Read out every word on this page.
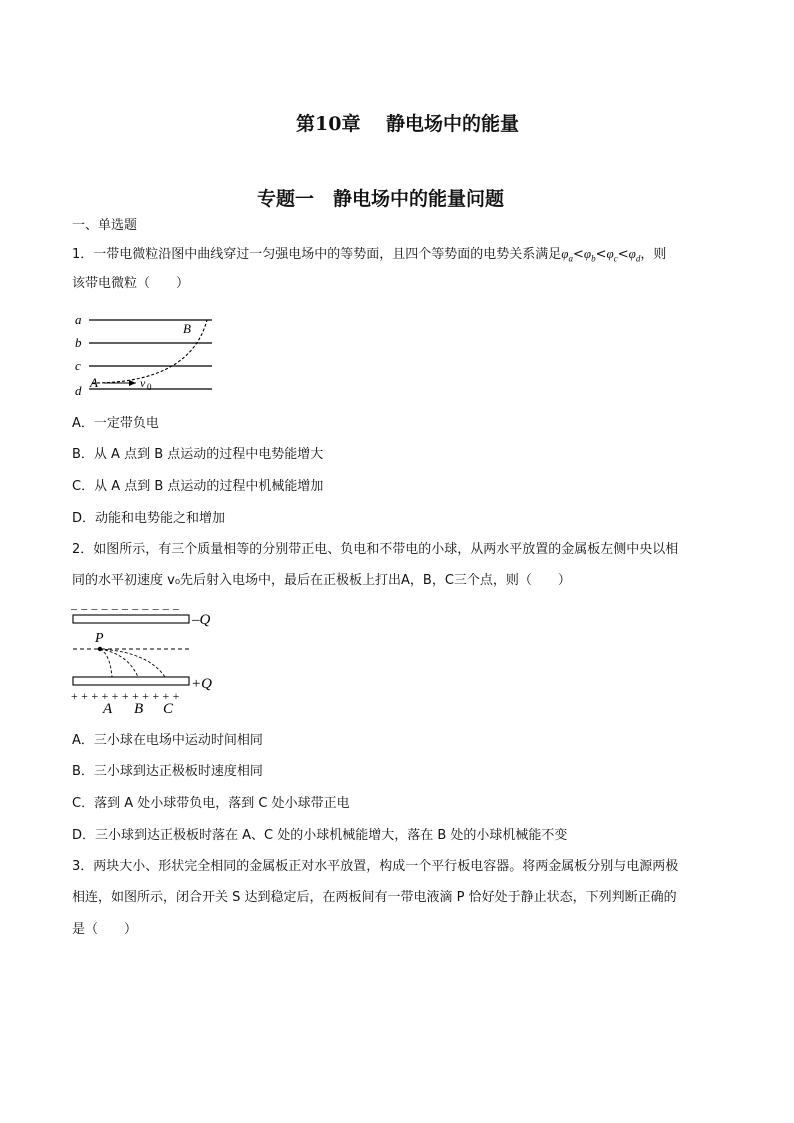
第10章　 静电场中的能量
专题一　静电场中的能量问题
一、单选题
1．一带电微粒沿图中曲线穿过一匀强电场中的等势面，且四个等势面的电势关系满足$\varphi_a<\varphi_b<\varphi_c<\varphi_d$，则
该带电微粒（　　）
a
b
c
d
A
B
v 0
A．一定带负电
B．从 A 点到 B 点运动的过程中电势能增大
C．从 A 点到 B 点运动的过程中机械能增加
D．动能和电势能之和增加
2．如图所示，有三个质量相等的分别带正电、负电和不带电的小球，从两水平放置的金属板左侧中央以相
同的水平初速度 v₀先后射入电场中，最后在正极板上打出A，B，C三个点，则（　　）
– – – – – – – – – – –
–Q
P
+Q
+ + + + + + + + + + +
A B C
A．三小球在电场中运动时间相同
B．三小球到达正极板时速度相同
C．落到 A 处小球带负电，落到 C 处小球带正电
D．三小球到达正极板时落在 A、C 处的小球机械能增大，落在 B 处的小球机械能不变
3．两块大小、形状完全相同的金属板正对水平放置，构成一个平行板电容器。将两金属板分别与电源两极
相连，如图所示，闭合开关 S 达到稳定后，在两板间有一带电液滴 P 恰好处于静止状态，下列判断正确的
是（　　）
